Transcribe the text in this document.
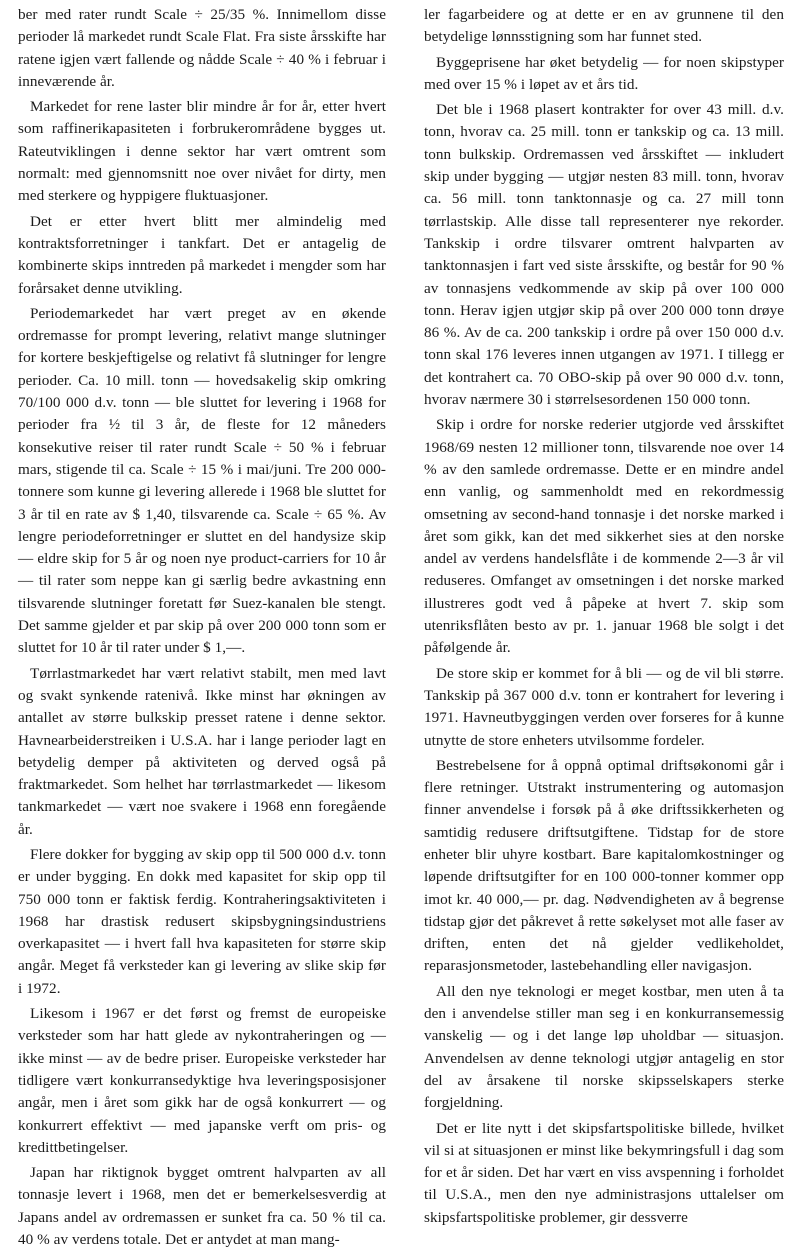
ber med rater rundt Scale ÷ 25/35 %. Innimellom disse perioder lå markedet rundt Scale Flat. Fra siste årsskifte har ratene igjen vært fallende og nådde Scale ÷ 40 % i februar i inneværende år.

Markedet for rene laster blir mindre år for år, etter hvert som raffinerikapasiteten i forbrukerområdene bygges ut. Rateutviklingen i denne sektor har vært omtrent som normalt: med gjennomsnitt noe over nivået for dirty, men med sterkere og hyppigere fluktuasjoner.

Det er etter hvert blitt mer almindelig med kontraktsforretninger i tankfart. Det er antagelig de kombinerte skips inntreden på markedet i mengder som har forårsaket denne utvikling.

Periodemarkedet har vært preget av en økende ordremasse for prompt levering, relativt mange slutninger for kortere beskjeftigelse og relativt få slutninger for lengre perioder. Ca. 10 mill. tonn — hovedsakelig skip omkring 70/100 000 d.v. tonn — ble sluttet for levering i 1968 for perioder fra ½ til 3 år, de fleste for 12 måneders konsekutive reiser til rater rundt Scale ÷ 50 % i februar mars, stigende til ca. Scale ÷ 15 % i mai/juni. Tre 200 000-tonnere som kunne gi levering allerede i 1968 ble sluttet for 3 år til en rate av $ 1,40, tilsvarende ca. Scale ÷ 65 %. Av lengre periodeforretninger er sluttet en del handysize skip — eldre skip for 5 år og noen nye product-carriers for 10 år — til rater som neppe kan gi særlig bedre avkastning enn tilsvarende slutninger foretatt før Suez-kanalen ble stengt. Det samme gjelder et par skip på over 200 000 tonn som er sluttet for 10 år til rater under $ 1,—.

Tørrlastmarkedet har vært relativt stabilt, men med lavt og svakt synkende ratenivå. Ikke minst har økningen av antallet av større bulkskip presset ratene i denne sektor. Havnearbeiderstreiken i U.S.A. har i lange perioder lagt en betydelig demper på aktiviteten og derved også på fraktmarkedet. Som helhet har tørrlastmarkedet — likesom tankmarkedet — vært noe svakere i 1968 enn foregående år.

Flere dokker for bygging av skip opp til 500 000 d.v. tonn er under bygging. En dokk med kapasitet for skip opp til 750 000 tonn er faktisk ferdig. Kontraheringsaktiviteten i 1968 har drastisk redusert skipsbygningsindustriens overkapasitet — i hvert fall hva kapasiteten for større skip angår. Meget få verksteder kan gi levering av slike skip før i 1972.

Likesom i 1967 er det først og fremst de europeiske verksteder som har hatt glede av nykontraheringen og — ikke minst — av de bedre priser. Europeiske verksteder har tidligere vært konkurransedyktige hva leveringsposisjoner angår, men i året som gikk har de også konkurrert — og konkurrert effektivt — med japanske verft om pris- og kredittbetingelser.

Japan har riktignok bygget omtrent halvparten av all tonnasje levert i 1968, men det er bemerkelsesverdig at Japans andel av ordremassen er sunket fra ca. 50 % til ca. 40 % av verdens totale. Det er antydet at man mang-

ler fagarbeidere og at dette er en av grunnene til den betydelige lønnsstigning som har funnet sted.

Byggeprisene har øket betydelig — for noen skipstyper med over 15 % i løpet av et års tid.

Det ble i 1968 plasert kontrakter for over 43 mill. d.v. tonn, hvorav ca. 25 mill. tonn er tankskip og ca. 13 mill. tonn bulkskip. Ordremassen ved årsskiftet — inkludert skip under bygging — utgjør nesten 83 mill. tonn, hvorav ca. 56 mill. tonn tanktonnasje og ca. 27 mill tonn tørrlastskip. Alle disse tall representerer nye rekorder. Tankskip i ordre tilsvarer omtrent halvparten av tanktonnasjen i fart ved siste årsskifte, og består for 90 % av tonnasjens vedkommende av skip på over 100 000 tonn. Herav igjen utgjør skip på over 200 000 tonn drøye 86 %. Av de ca. 200 tankskip i ordre på over 150 000 d.v. tonn skal 176 leveres innen utgangen av 1971. I tillegg er det kontrahert ca. 70 OBO-skip på over 90 000 d.v. tonn, hvorav nærmere 30 i størrelsesordenen 150 000 tonn.

Skip i ordre for norske rederier utgjorde ved årsskiftet 1968/69 nesten 12 millioner tonn, tilsvarende noe over 14 % av den samlede ordremasse. Dette er en mindre andel enn vanlig, og sammenholdt med en rekordmessig omsetning av second-hand tonnasje i det norske marked i året som gikk, kan det med sikkerhet sies at den norske andel av verdens handelsflåte i de kommende 2—3 år vil reduseres. Omfanget av omsetningen i det norske marked illustreres godt ved å påpeke at hvert 7. skip som utenriksflåten besto av pr. 1. januar 1968 ble solgt i det påfølgende år.

De store skip er kommet for å bli — og de vil bli større. Tankskip på 367 000 d.v. tonn er kontrahert for levering i 1971. Havneutbyggingen verden over forseres for å kunne utnytte de store enheters utvilsomme fordeler.

Bestrebelsene for å oppnå optimal driftsøkonomi går i flere retninger. Utstrakt instrumentering og automasjon finner anvendelse i forsøk på å øke driftssikkerheten og samtidig redusere driftsutgiftene. Tidstap for de store enheter blir uhyre kostbart. Bare kapitalomkostninger og løpende driftsutgifter for en 100 000-tonner kommer opp imot kr. 40 000,— pr. dag. Nødvendigheten av å begrense tidstap gjør det påkrevet å rette søkelyset mot alle faser av driften, enten det nå gjelder vedlikeholdet, reparasjonsmetoder, lastebehandling eller navigasjon.

All den nye teknologi er meget kostbar, men uten å ta den i anvendelse stiller man seg i en konkurransemessig vanskelig — og i det lange løp uholdbar — situasjon. Anvendelsen av denne teknologi utgjør antagelig en stor del av årsakene til norske skipsselskapers sterke forgjeldning.

Det er lite nytt i det skipsfartspolitiske billede, hvilket vil si at situasjonen er minst like bekymringsfull i dag som for et år siden. Det har vært en viss avspenning i forholdet til U.S.A., men den nye administrasjons uttalelser om skipsfartspolitiske problemer, gir dessverre
